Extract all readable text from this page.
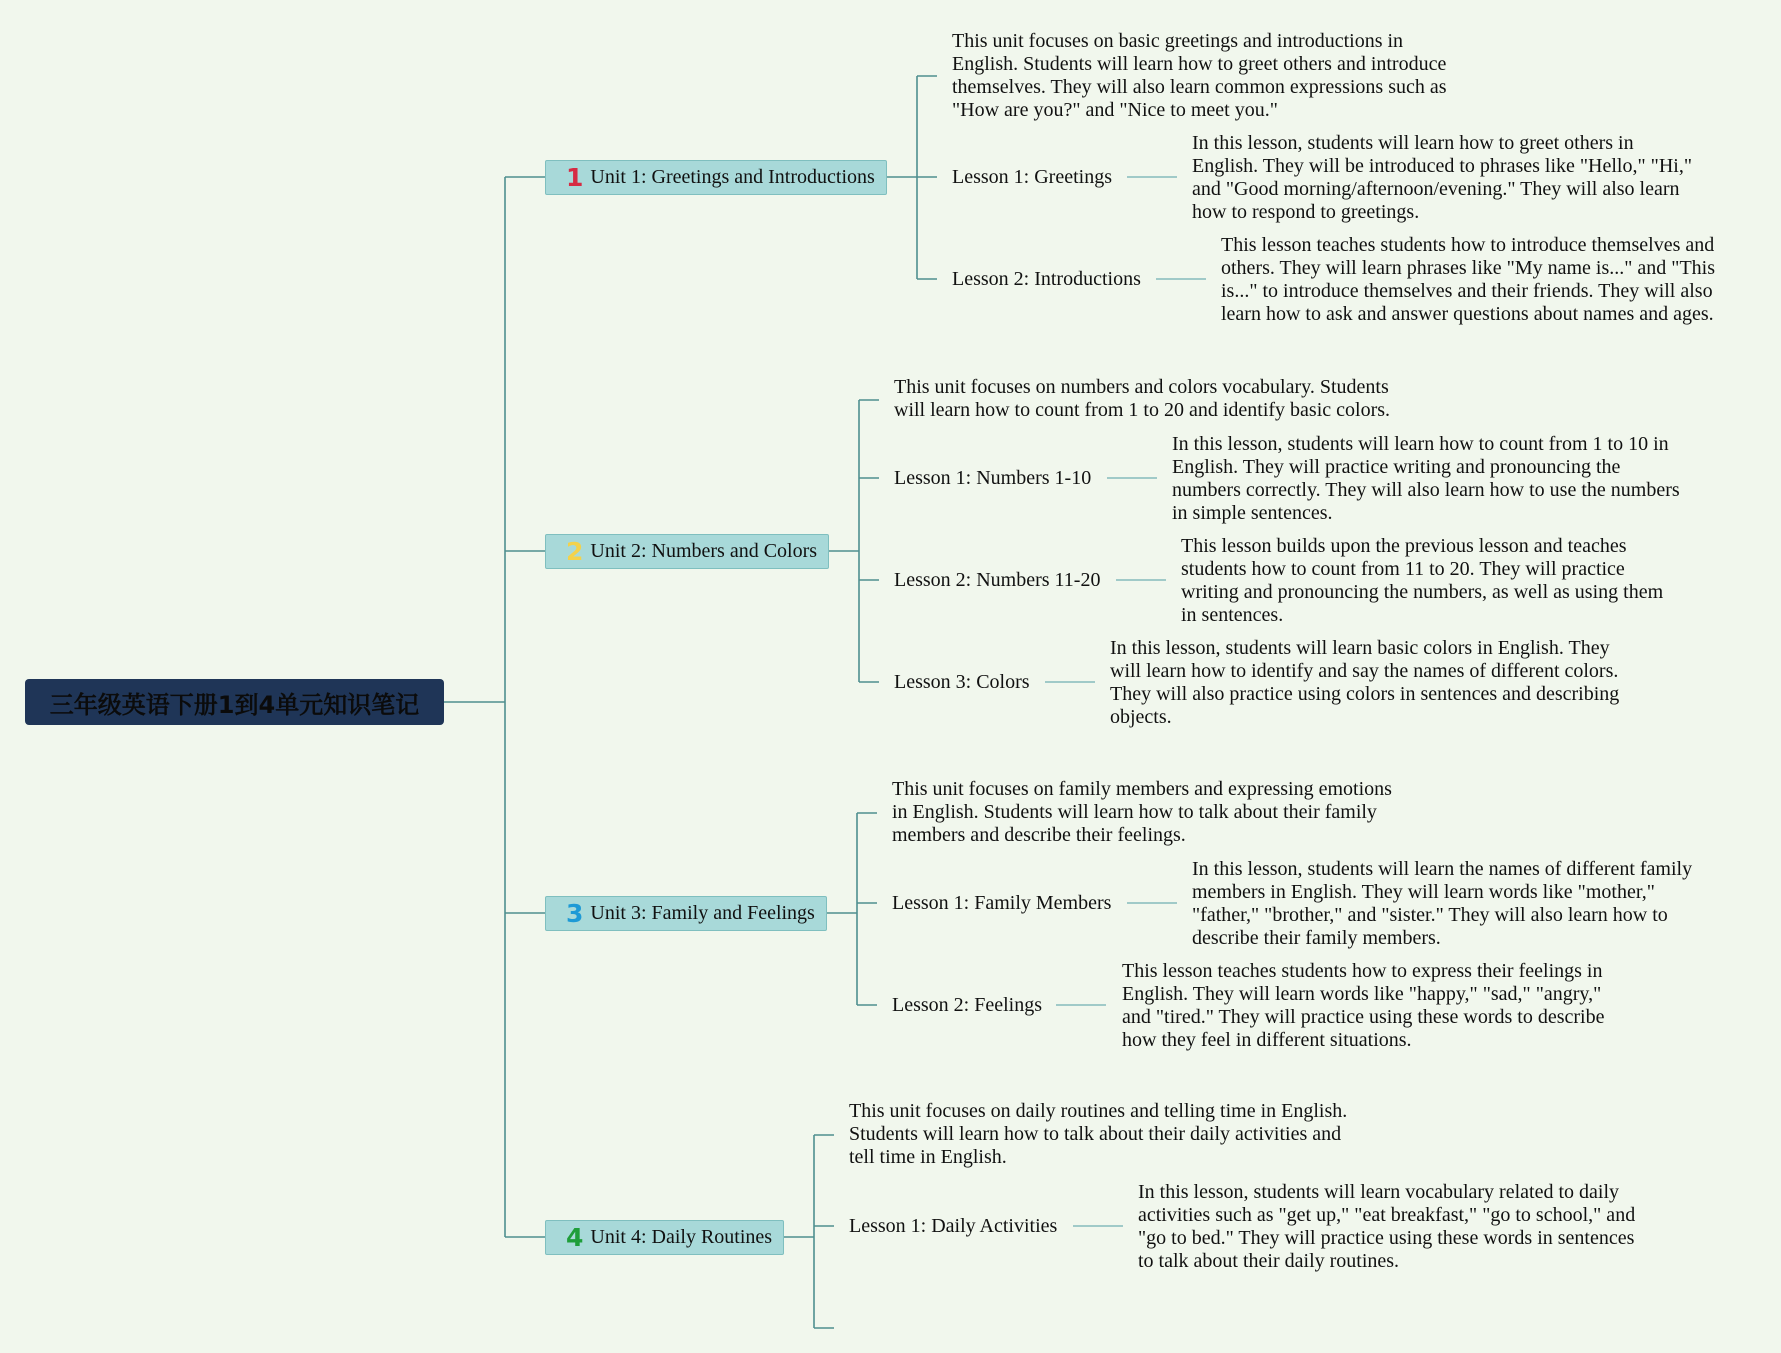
三年级英语下册1到4单元知识笔记
1 Unit 1: Greetings and Introductions
This unit focuses on basic greetings and introductions in English. Students will learn how to greet others and introduce themselves. They will also learn common expressions such as "How are you?" and "Nice to meet you."
Lesson 1: Greetings
In this lesson, students will learn how to greet others in English. They will be introduced to phrases like "Hello," "Hi," and "Good morning/afternoon/evening." They will also learn how to respond to greetings.
Lesson 2: Introductions
This lesson teaches students how to introduce themselves and others. They will learn phrases like "My name is..." and "This is..." to introduce themselves and their friends. They will also learn how to ask and answer questions about names and ages.
2 Unit 2: Numbers and Colors
This unit focuses on numbers and colors vocabulary. Students will learn how to count from 1 to 20 and identify basic colors.
Lesson 1: Numbers 1-10
In this lesson, students will learn how to count from 1 to 10 in English. They will practice writing and pronouncing the numbers correctly. They will also learn how to use the numbers in simple sentences.
Lesson 2: Numbers 11-20
This lesson builds upon the previous lesson and teaches students how to count from 11 to 20. They will practice writing and pronouncing the numbers, as well as using them in sentences.
Lesson 3: Colors
In this lesson, students will learn basic colors in English. They will learn how to identify and say the names of different colors. They will also practice using colors in sentences and describing objects.
3 Unit 3: Family and Feelings
This unit focuses on family members and expressing emotions in English. Students will learn how to talk about their family members and describe their feelings.
Lesson 1: Family Members
In this lesson, students will learn the names of different family members in English. They will learn words like "mother," "father," "brother," and "sister." They will also learn how to describe their family members.
Lesson 2: Feelings
This lesson teaches students how to express their feelings in English. They will learn words like "happy," "sad," "angry," and "tired." They will practice using these words to describe how they feel in different situations.
4 Unit 4: Daily Routines
This unit focuses on daily routines and telling time in English. Students will learn how to talk about their daily activities and tell time in English.
Lesson 1: Daily Activities
In this lesson, students will learn vocabulary related to daily activities such as "get up," "eat breakfast," "go to school," and "go to bed." They will practice using these words in sentences to talk about their daily routines.
